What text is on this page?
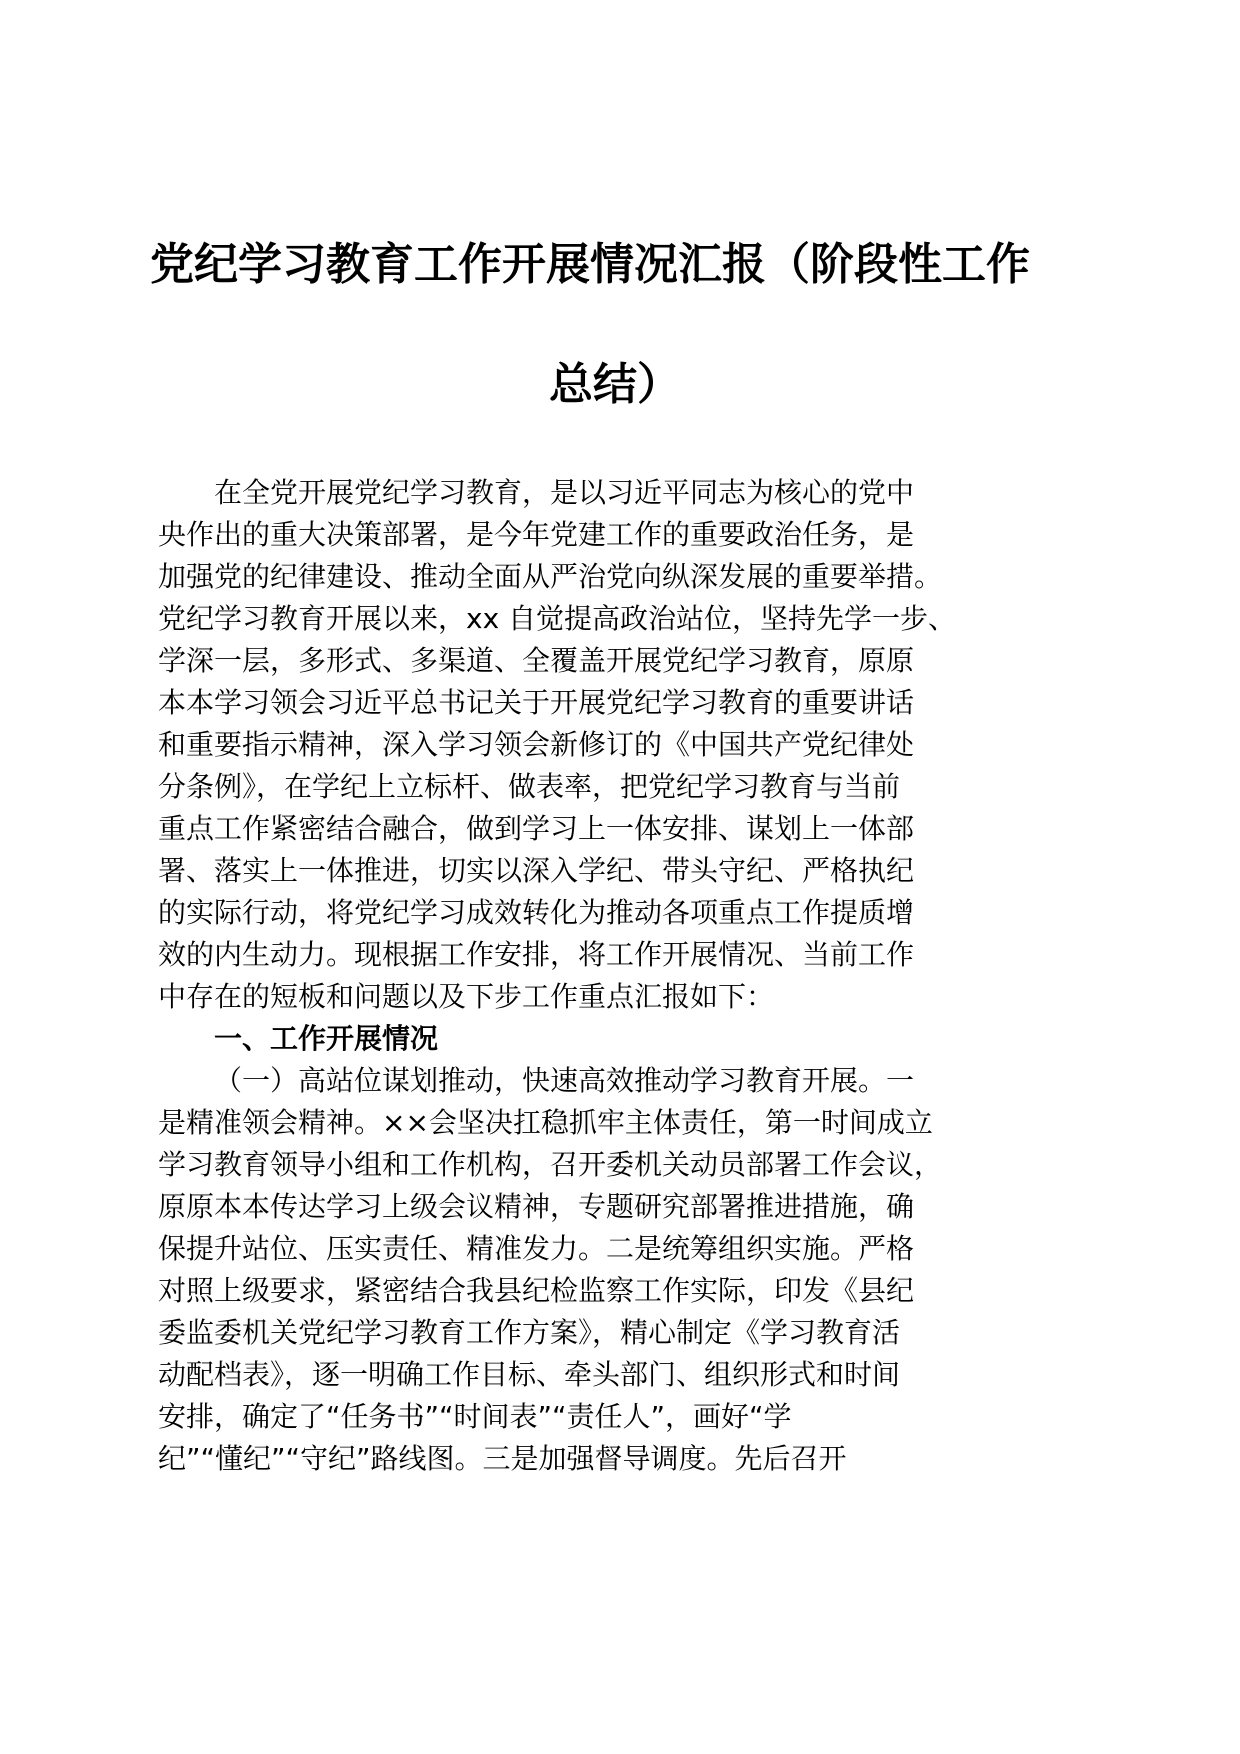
党纪学习教育工作开展情况汇报（阶段性工作
总结）

在全党开展党纪学习教育，是以习近平同志为核心的党中

央作出的重大决策部署，是今年党建工作的重要政治任务，是

加强党的纪律建设、推动全面从严治党向纵深发展的重要举措。

党纪学习教育开展以来，xx 自觉提高政治站位，坚持先学一步、

学深一层，多形式、多渠道、全覆盖开展党纪学习教育，原原

本本学习领会习近平总书记关于开展党纪学习教育的重要讲话

和重要指示精神，深入学习领会新修订的《中国共产党纪律处

分条例》，在学纪上立标杆、做表率，把党纪学习教育与当前

重点工作紧密结合融合，做到学习上一体安排、谋划上一体部

署、落实上一体推进，切实以深入学纪、带头守纪、严格执纪

的实际行动，将党纪学习成效转化为推动各项重点工作提质增

效的内生动力。现根据工作安排，将工作开展情况、当前工作

中存在的短板和问题以及下步工作重点汇报如下：

一、工作开展情况

（一）高站位谋划推动，快速高效推动学习教育开展。一

是精准领会精神。××会坚决扛稳抓牢主体责任，第一时间成立

学习教育领导小组和工作机构，召开委机关动员部署工作会议，

原原本本传达学习上级会议精神，专题研究部署推进措施，确

保提升站位、压实责任、精准发力。二是统筹组织实施。严格

对照上级要求，紧密结合我县纪检监察工作实际，印发《县纪

委监委机关党纪学习教育工作方案》，精心制定《学习教育活

动配档表》，逐一明确工作目标、牵头部门、组织形式和时间

安排，确定了“任务书”“时间表”“责任人”，画好“学

纪”“懂纪”“守纪”路线图。三是加强督导调度。先后召开
